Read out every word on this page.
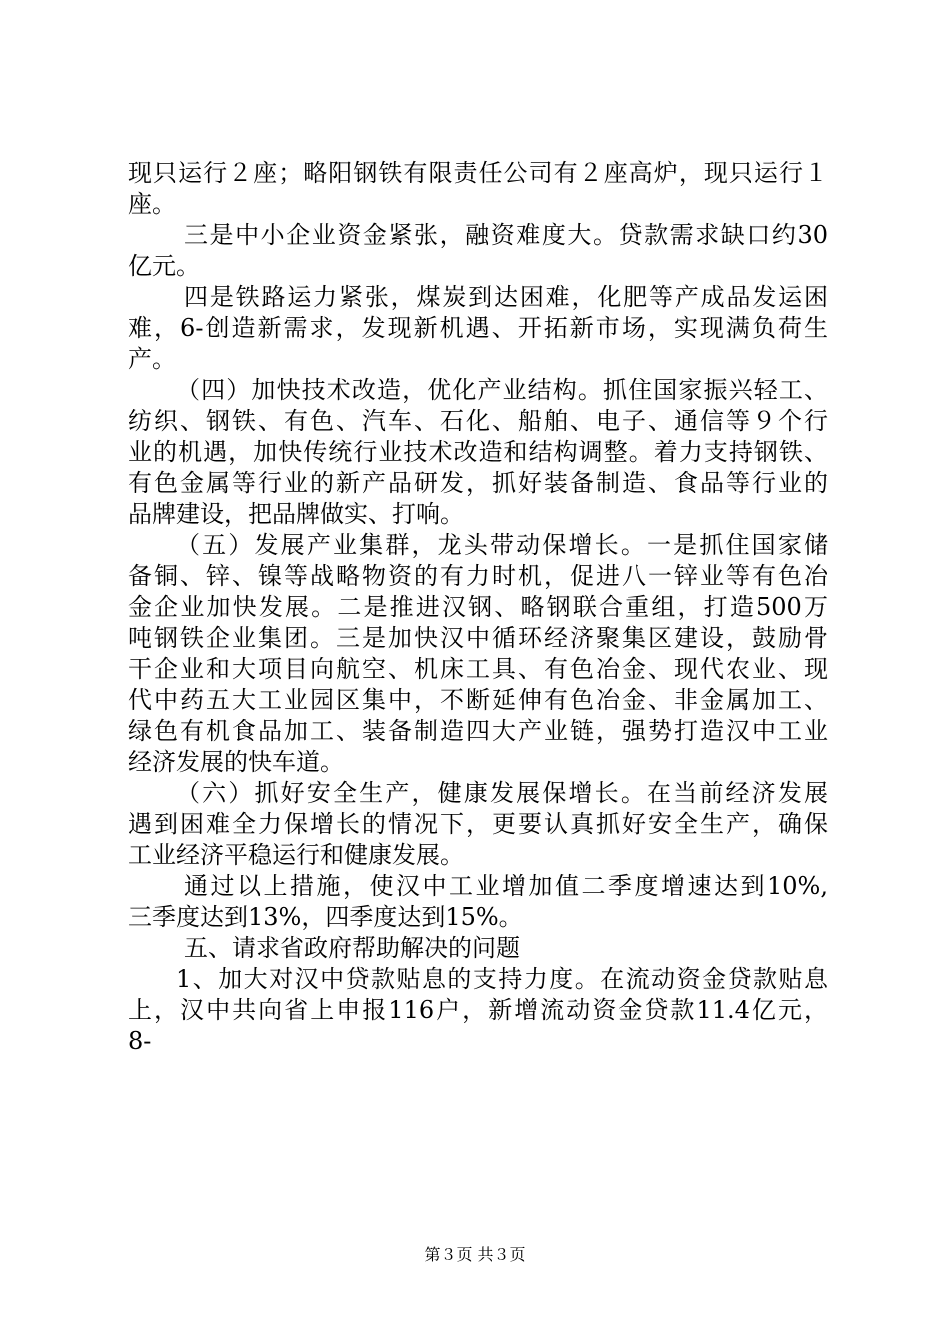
现只运行２座；略阳钢铁有限责任公司有２座高炉，现只运行１
座。
三是中小企业资金紧张，融资难度大。贷款需求缺口约30
亿元。
四是铁路运力紧张，煤炭到达困难，化肥等产成品发运困
难，6-创造新需求，发现新机遇、开拓新市场，实现满负荷生
产。
（四）加快技术改造，优化产业结构。抓住国家振兴轻工、
纺织、钢铁、有色、汽车、石化、船舶、电子、通信等９个行
业的机遇，加快传统行业技术改造和结构调整。着力支持钢铁、
有色金属等行业的新产品研发，抓好装备制造、食品等行业的
品牌建设，把品牌做实、打响。
（五）发展产业集群，龙头带动保增长。一是抓住国家储
备铜、锌、镍等战略物资的有力时机，促进八一锌业等有色冶
金企业加快发展。二是推进汉钢、略钢联合重组，打造500万
吨钢铁企业集团。三是加快汉中循环经济聚集区建设，鼓励骨
干企业和大项目向航空、机床工具、有色冶金、现代农业、现
代中药五大工业园区集中，不断延伸有色冶金、非金属加工、
绿色有机食品加工、装备制造四大产业链，强势打造汉中工业
经济发展的快车道。
（六）抓好安全生产，健康发展保增长。在当前经济发展
遇到困难全力保增长的情况下，更要认真抓好安全生产，确保
工业经济平稳运行和健康发展。
通过以上措施，使汉中工业增加值二季度增速达到10%,
三季度达到13%，四季度达到15%。
五、请求省政府帮助解决的问题
1、加大对汉中贷款贴息的支持力度。在流动资金贷款贴息
上，汉中共向省上申报116户，新增流动资金贷款11.4亿元，
8-
第３页 共３页
